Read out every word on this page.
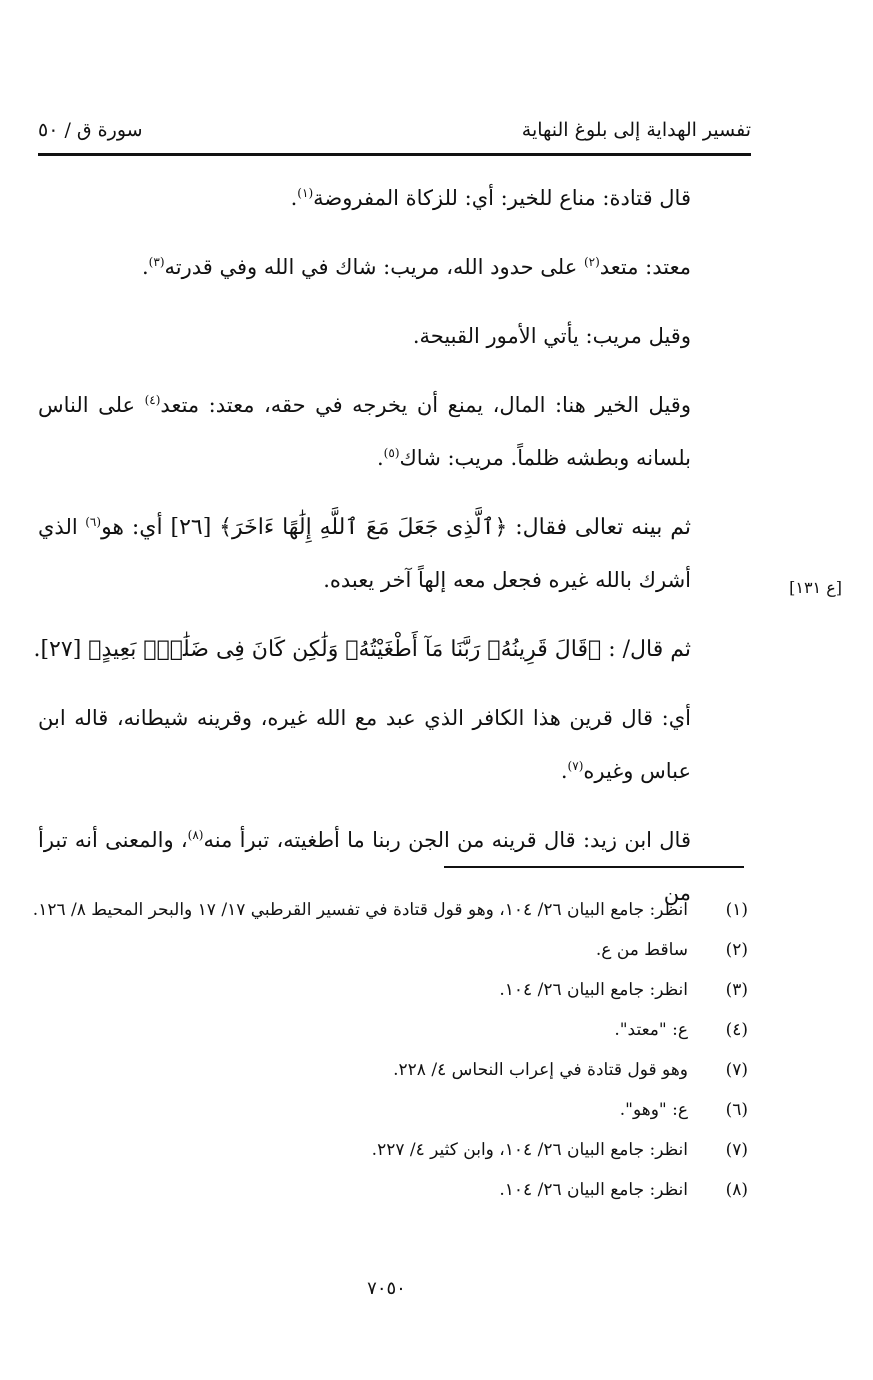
تفسير الهداية إلى بلوغ النهاية
سورة ق / ٥٠
[ع ١٣١]

قال قتادة: مناع للخير: أي: للزكاة المفروضة$^{(١)}$.

معتد: متعد$^{(٢)}$ على حدود الله، مريب: شاك في الله وفي قدرته$^{(٣)}$.

وقيل مريب: يأتي الأمور القبيحة.

وقيل الخير هنا: المال، يمنع أن يخرجه في حقه، معتد: متعد$^{(٤)}$ على الناس بلسانه وبطشه ظلماً. مريب: شاك$^{(٥)}$.

ثم بينه تعالى فقال: ﴿ٱلَّذِى جَعَلَ مَعَ ٱللَّهِ إِلَٰهًا ءَاخَرَ﴾ [٢٦] أي: هو$^{(٦)}$ الذي أشرك بالله غيره فجعل معه إلهاً آخر يعبده.

ثم قال/ : ﴿قَالَ قَرِينُهُۥ رَبَّنَا مَآ أَطْغَيْتُهُۥ وَلَٰكِن كَانَ فِى ضَلَٰلٍۭ بَعِيدٍ﴾ [٢٧].

أي: قال قرين هذا الكافر الذي عبد مع الله غيره، وقرينه شيطانه، قاله ابن عباس وغيره$^{(٧)}$.

قال ابن زيد: قال قرينه من الجن ربنا ما أطغيته، تبرأ منه$^{(٨)}$، والمعنى أنه تبرأ من

(١)
انظر: جامع البيان ٢٦/ ١٠٤، وهو قول قتادة في تفسير القرطبي ١٧/ ١٧ والبحر المحيط ٨/ ١٢٦.
(٢)
ساقط من ع.
(٣)
انظر: جامع البيان ٢٦/ ١٠٤.
(٤)
ع: "معتد".
(٧)
وهو قول قتادة في إعراب النحاس ٤/ ٢٢٨.
(٦)
ع: "وهو".
(٧)
انظر: جامع البيان ٢٦/ ١٠٤، وابن كثير ٤/ ٢٢٧.
(٨)
انظر: جامع البيان ٢٦/ ١٠٤.
٧٠٥٠
